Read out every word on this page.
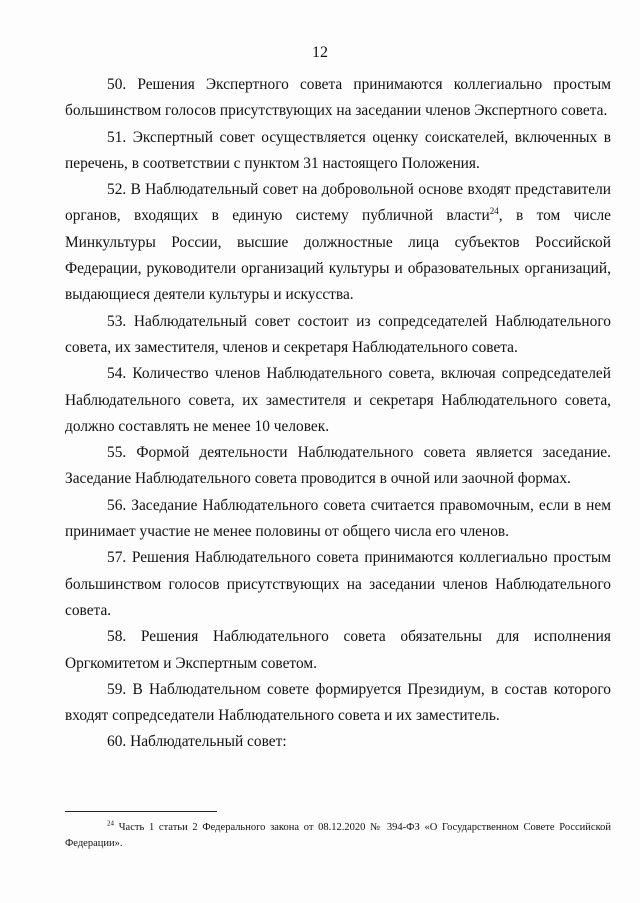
12

50. Решения Экспертного совета принимаются коллегиально простым большинством голосов присутствующих на заседании членов Экспертного совета.

51. Экспертный совет осуществляется оценку соискателей, включенных в перечень, в соответствии с пунктом 31 настоящего Положения.

52. В Наблюдательный совет на добровольной основе входят представители органов, входящих в единую систему публичной власти$^{24}$, в том числе Минкультуры России, высшие должностные лица субъектов Российской Федерации, руководители организаций культуры и образовательных организаций, выдающиеся деятели культуры и искусства.

53. Наблюдательный совет состоит из сопредседателей Наблюдательного совета, их заместителя, членов и секретаря Наблюдательного совета.

54. Количество членов Наблюдательного совета, включая сопредседателей Наблюдательного совета, их заместителя и секретаря Наблюдательного совета, должно составлять не менее 10 человек.

55. Формой деятельности Наблюдательного совета является заседание. Заседание Наблюдательного совета проводится в очной или заочной формах.

56. Заседание Наблюдательного совета считается правомочным, если в нем принимает участие не менее половины от общего числа его членов.

57. Решения Наблюдательного совета принимаются коллегиально простым большинством голосов присутствующих на заседании членов Наблюдательного совета.

58. Решения Наблюдательного совета обязательны для исполнения Оргкомитетом и Экспертным советом.

59. В Наблюдательном совете формируется Президиум, в состав которого входят сопредседатели Наблюдательного совета и их заместитель.

60. Наблюдательный совет:

$^{24}$ Часть 1 статьи 2 Федерального закона от 08.12.2020 № 394-ФЗ «О Государственном Совете Российской Федерации».
